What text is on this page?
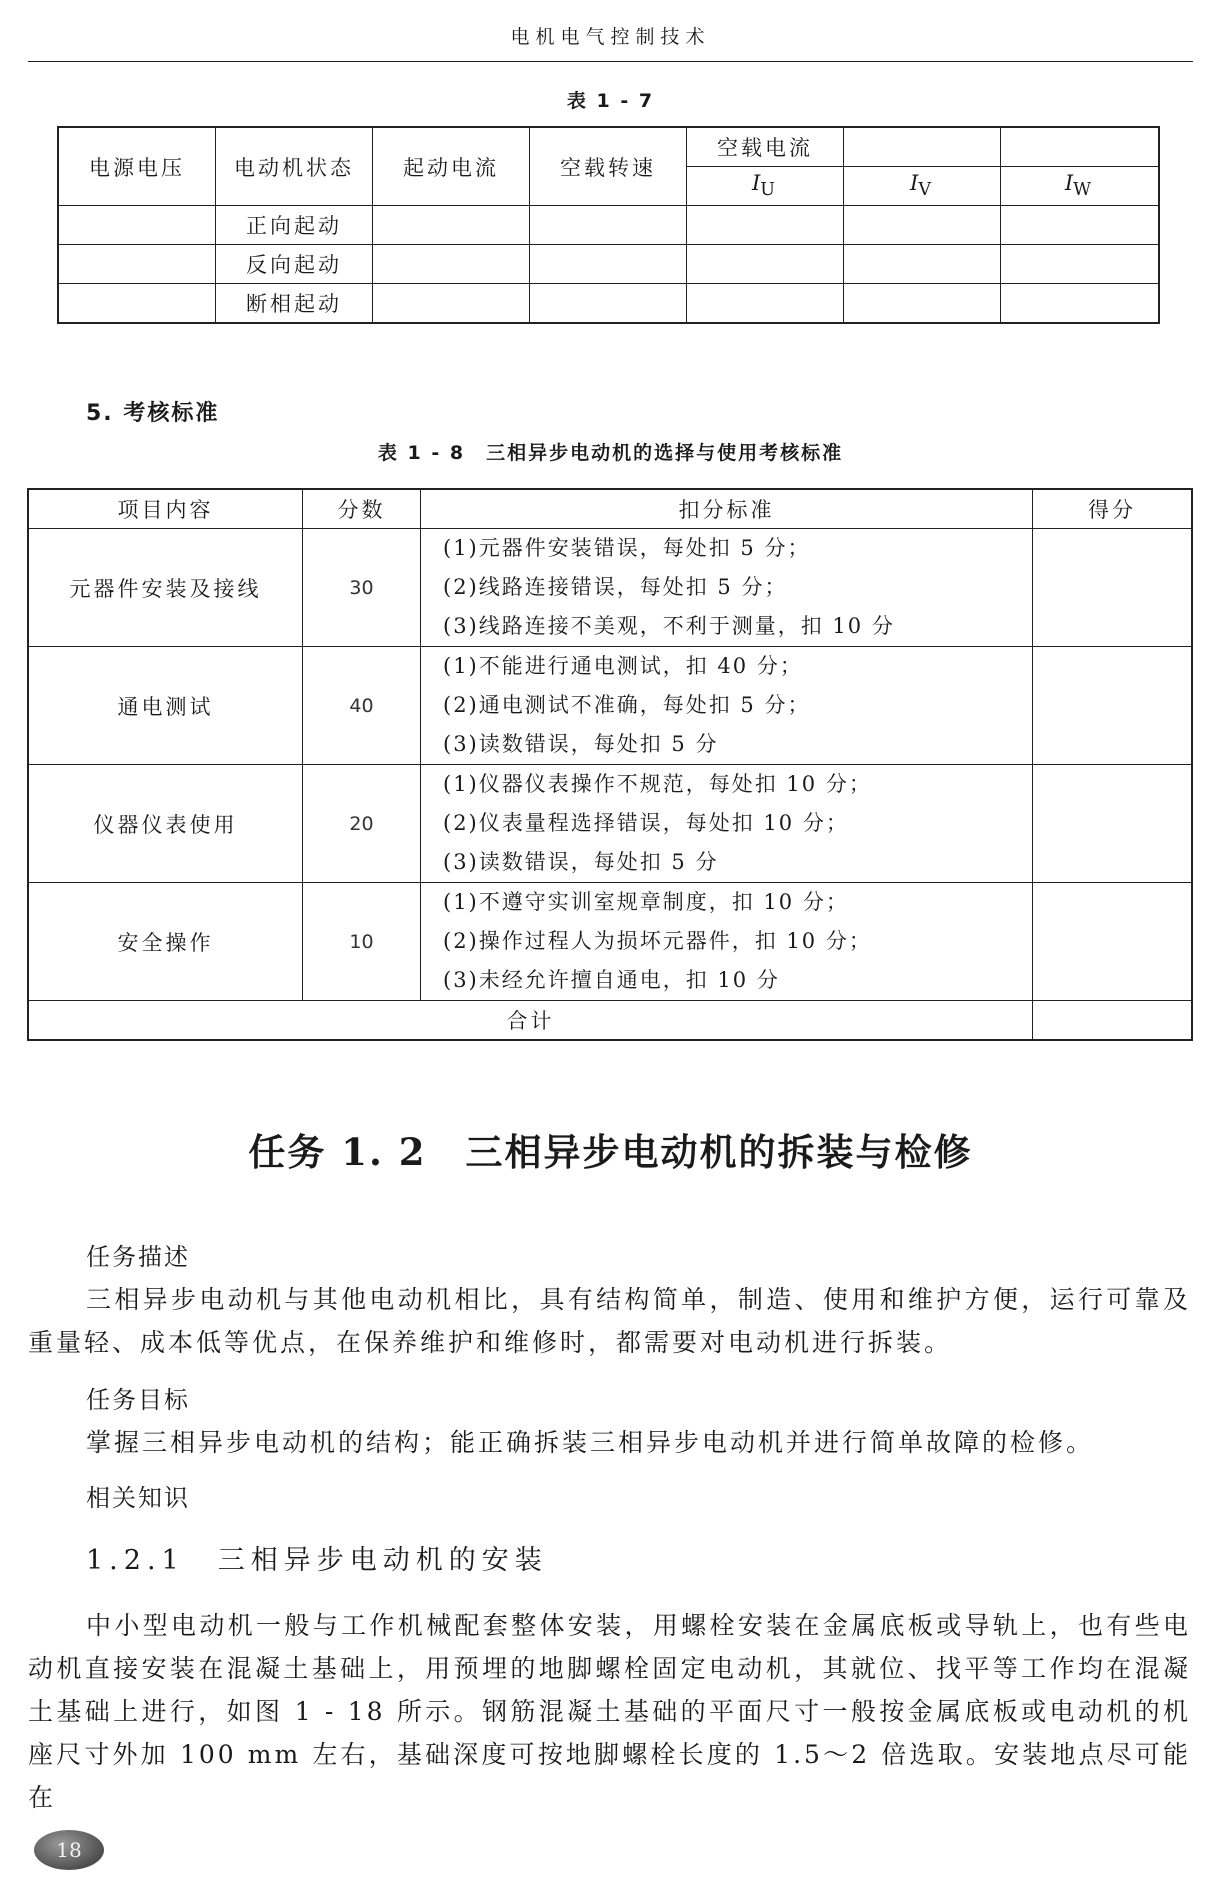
电机电气控制技术
表 1 - 7
电源电压	电动机状态	起动电流	空载转速	空载电流		
				$I_U$	$I_V$	$I_W$
	正向起动					
	反向起动					
	断相起动					
5. 考核标准
表 1 - 8　三相异步电动机的选择与使用考核标准
项目内容	分数	扣分标准	得分
元器件安装及接线	30	(1)元器件安装错误，每处扣 5 分；
(2)线路连接错误，每处扣 5 分；
(3)线路连接不美观，不利于测量，扣 10 分	

通电测试	40	(1)不能进行通电测试，扣 40 分；
(2)通电测试不准确，每处扣 5 分；
(3)读数错误，每处扣 5 分	

仪器仪表使用	20	(1)仪器仪表操作不规范，每处扣 10 分；
(2)仪表量程选择错误，每处扣 10 分；
(3)读数错误，每处扣 5 分	

安全操作	10	(1)不遵守实训室规章制度，扣 10 分；
(2)操作过程人为损坏元器件，扣 10 分；
(3)未经允许擅自通电，扣 10 分	

合计			
任务 1. 2　三相异步电动机的拆装与检修
任务描述

三相异步电动机与其他电动机相比，具有结构简单，制造、使用和维护方便，运行可靠及重量轻、成本低等优点，在保养维护和维修时，都需要对电动机进行拆装。

任务目标

掌握三相异步电动机的结构；能正确拆装三相异步电动机并进行简单故障的检修。

相关知识
1.2.1　三相异步电动机的安装

中小型电动机一般与工作机械配套整体安装，用螺栓安装在金属底板或导轨上，也有些电动机直接安装在混凝土基础上，用预埋的地脚螺栓固定电动机，其就位、找平等工作均在混凝土基础上进行，如图 1 - 18 所示。钢筋混凝土基础的平面尺寸一般按金属底板或电动机的机座尺寸外加 100 mm 左右，基础深度可按地脚螺栓长度的 1.5～2 倍选取。安装地点尽可能在

18
